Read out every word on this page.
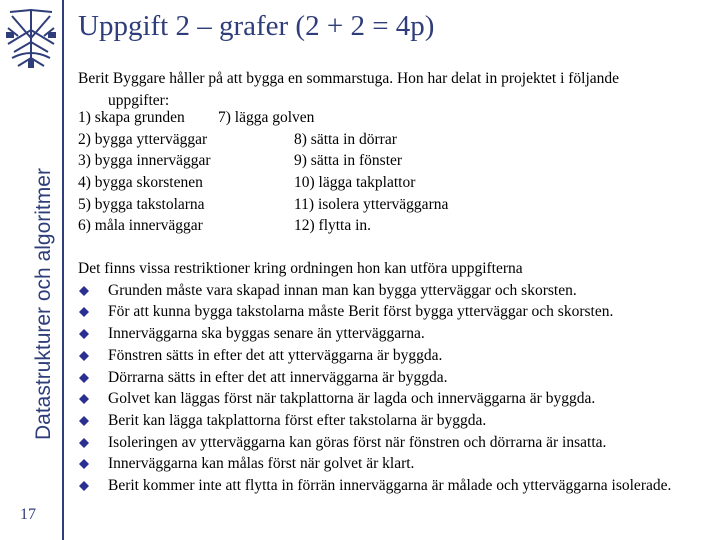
Datastrukturer och algoritmer
17
Uppgift 2 – grafer (2 + 2 = 4p)
Berit Byggare håller på att bygga en sommarstuga. Hon har delat in projektet i följande
uppgifter:
1) skapa grunden 7) lägga golven
2) bygga ytterväggar	8) sätta in dörrar
3) bygga innerväggar	9) sätta in fönster
4) bygga skorstenen	10) lägga takplattor
5) bygga takstolarna	11) isolera ytterväggarna
6) måla innerväggar	12) flytta in.
Det finns vissa restriktioner kring ordningen hon kan utföra uppgifterna
Grunden måste vara skapad innan man kan bygga ytterväggar och skorsten.
För att kunna bygga takstolarna måste Berit först bygga ytterväggar och skorsten.
Innerväggarna ska byggas senare än ytterväggarna.
Fönstren sätts in efter det att ytterväggarna är byggda.
Dörrarna sätts in efter det att innerväggarna är byggda.
Golvet kan läggas först när takplattorna är lagda och innerväggarna är byggda.
Berit kan lägga takplattorna först efter takstolarna är byggda.
Isoleringen av ytterväggarna kan göras först när fönstren och dörrarna är insatta.
Innerväggarna kan målas först när golvet är klart.
Berit kommer inte att flytta in förrän innerväggarna är målade och ytterväggarna isolerade.
